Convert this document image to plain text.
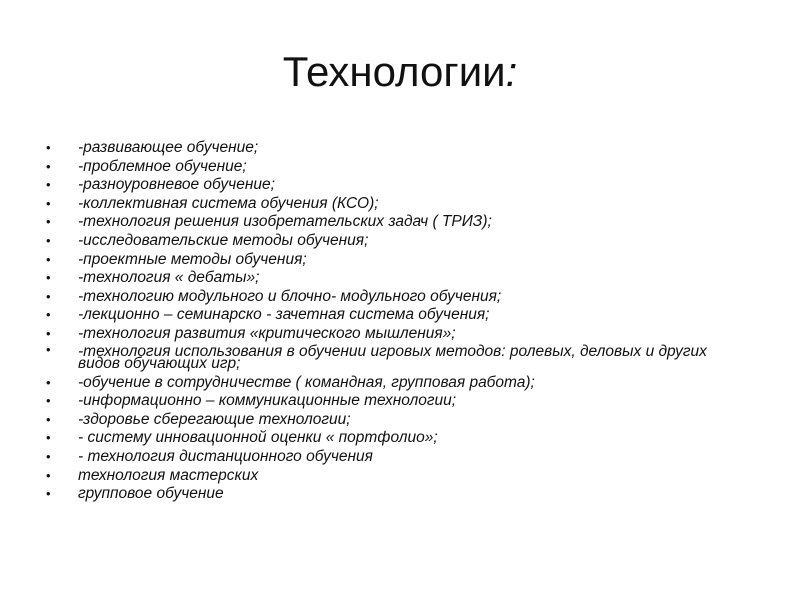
Технологии:
•	-развивающее обучение;
•	-проблемное обучение;
•	-разноуровневое обучение;
•	-коллективная система обучения (КСО);
•	-технология решения изобретательских задач ( ТРИЗ);
•	-исследовательские методы обучения;
•	-проектные методы обучения;
•	-технология « дебаты»;
•	-технологию модульного и блочно- модульного обучения;
•	-лекционно – семинарско - зачетная система обучения;
•	-технология развития «критического мышления»;
•	-технология использования в обучении игровых методов: ролевых, деловых и других видов обучающих игр;
•	-обучение в сотрудничестве ( командная, групповая работа);
•	-информационно – коммуникационные технологии;
•	-здоровье сберегающие технологии;
•	- систему инновационной оценки « портфолио»;
•	- технология дистанционного обучения
•	технология мастерских
•	групповое обучение
